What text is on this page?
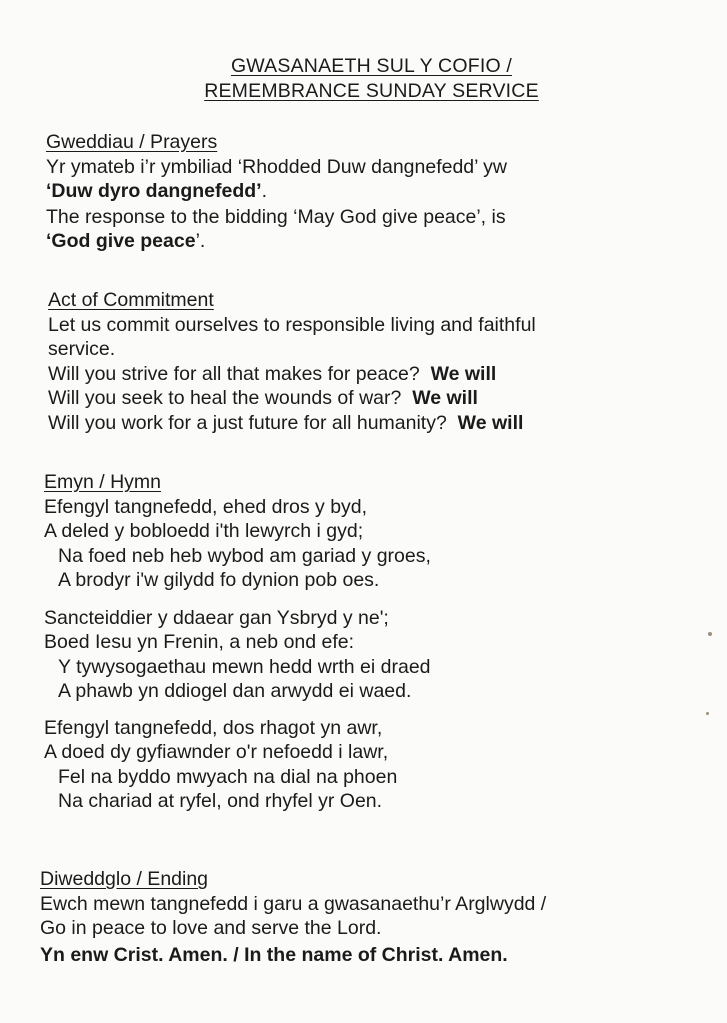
GWASANAETH SUL Y COFIO /
REMEMBRANCE SUNDAY SERVICE
Gweddiau / Prayers
Yr ymateb i’r ymbiliad ‘Rhodded Duw dangnefedd’ yw
‘Duw dyro dangnefedd’.
The response to the bidding ‘May God give peace’, is
‘God give peace’.
Act of Commitment
Let us commit ourselves to responsible living and faithful
service.
Will you strive for all that makes for peace? We will
Will you seek to heal the wounds of war? We will
Will you work for a just future for all humanity? We will
Emyn / Hymn
Efengyl tangnefedd, ehed dros y byd,
A deled y bobloedd i'th lewyrch i gyd;
Na foed neb heb wybod am gariad y groes,
A brodyr i'w gilydd fo dynion pob oes.
Sancteiddier y ddaear gan Ysbryd y ne';
Boed Iesu yn Frenin, a neb ond efe:
Y tywysogaethau mewn hedd wrth ei draed
A phawb yn ddiogel dan arwydd ei waed.
Efengyl tangnefedd, dos rhagot yn awr,
A doed dy gyfiawnder o'r nefoedd i lawr,
Fel na byddo mwyach na dial na phoen
Na chariad at ryfel, ond rhyfel yr Oen.
Diweddglo / Ending
Ewch mewn tangnefedd i garu a gwasanaethu’r Arglwydd /
Go in peace to love and serve the Lord.
Yn enw Crist. Amen. / In the name of Christ. Amen.
